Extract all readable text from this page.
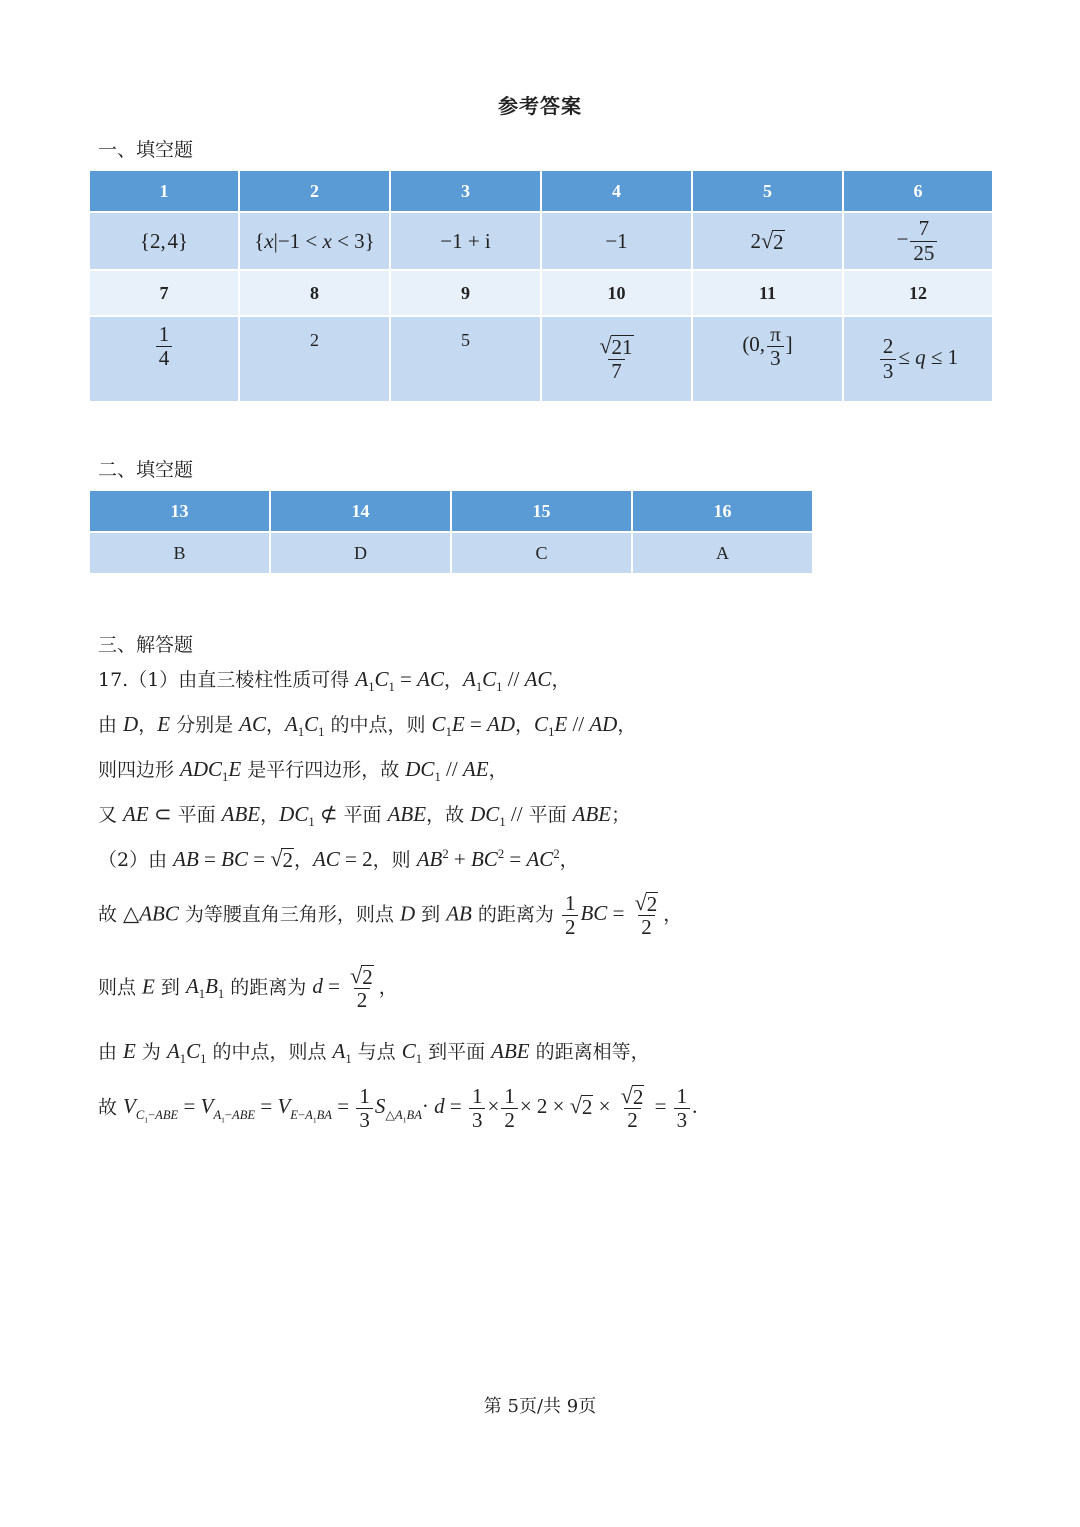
参考答案
一、填空题
1	2	3	4	5	6
{2, 4}	{x|−1 < x < 3}	−1 + i	−1	2 √ 2	− $\frac{7}{25}$

7	8	9	10	11	12

$\frac{1}{4}$	2	5	$\frac{√ 21}{7}$	(0, $\frac{\pi}{3}$ ]	$\frac{2}{3} \le q \le 1$
二、填空题
13	14	15	16
B	D	C	A
三、解答题
17.（1）由直三棱柱性质可得 $A_1C_1$ = AC，$A_1C_1$ // AC，
由 D，E 分别是 AC，$A_1C_1$ 的中点，则 $C_1E$ = AD，$C_1E$ // AD，
则四边形 $ADC_1E$ 是平行四边形，故 $DC_1$ // AE，
又 AE ⊂ 平面 ABE，$DC_1$ ⊄ 平面 ABE，故 $DC_1$ // 平面 ABE；
（2）由 AB = BC = √ 2 ，AC = 2，则 $AB^2 + BC^2 = AC^2$，
故 △ABC 为等腰直角三角形，则点 D 到 AB 的距离为 $\frac{1}{2}$ BC = $\frac{√ 2}{2}$ ，
则点 E 到 $A_1B_1$ 的距离为 $d = \frac{√ 2}{2}$ ，
由 E 为 $A_1C_1$ 的中点，则点 $A_1$ 与点 $C_1$ 到平面 ABE 的距离相等，
故 $V_{C_1-ABE} = V_{A_1-ABE} = V_{E-A_1BA} = \frac{1}{3} S_{\triangle A_1BA}\cdot d = \frac{1}{3} \times \frac{1}{2} \times 2$ × √ $2 \times \frac{√ 2}{2} = \frac{1}{3}$ .
第 5页/共 9页
